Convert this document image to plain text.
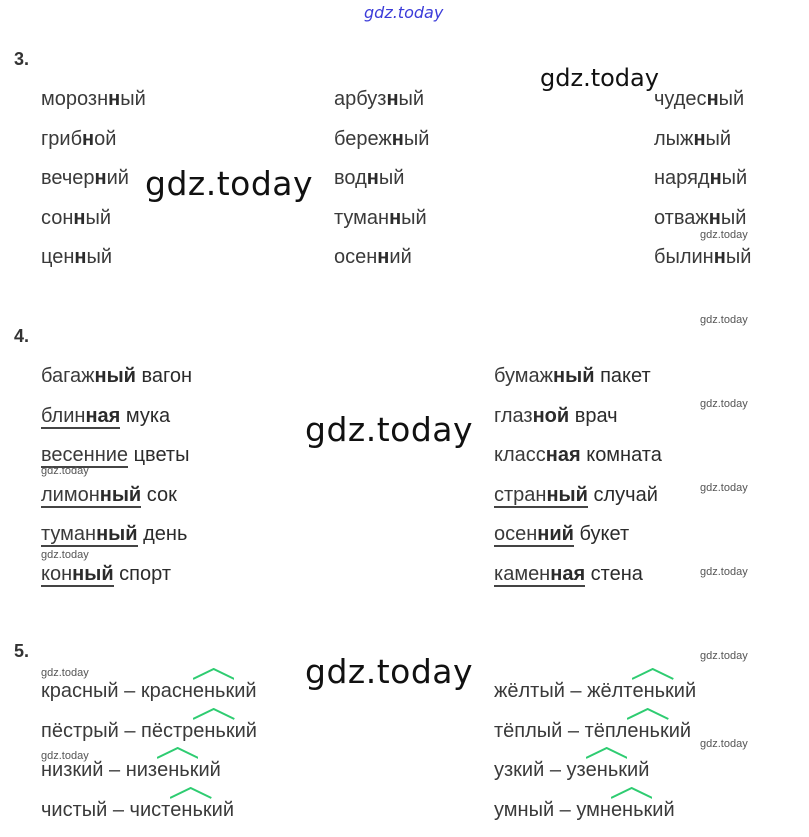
gdz.today
3.
морознный
грибной
вечерний
сонный
ценный
арбузный
бережный
водный
туманный
осенний
чудесный
лыжный
нарядный
отважный
былинный
4.
багажный вагон
блинная мука
весенние цветы
лимонный сок
туманный день
конный спорт
бумажный пакет
глазной врач
классная комната
странный случай
осенний букет
каменная стена
5.
красный – красненьк
ий
пёстрый – пёстреньк
ий
низкий – низеньк
ий
чистый – чистеньк
ий
жёлтый – жёлтеньк
ий
тёплый – тёпленьк
ий
узкий – узеньк
ий
умный – умненьк
ий
gdz.today
gdz.today
gdz.today
gdz.today
gdz.today
gdz.today
gdz.today
gdz.today
gdz.today
gdz.today
gdz.today
gdz.today
gdz.today
gdz.today
gdz.today
